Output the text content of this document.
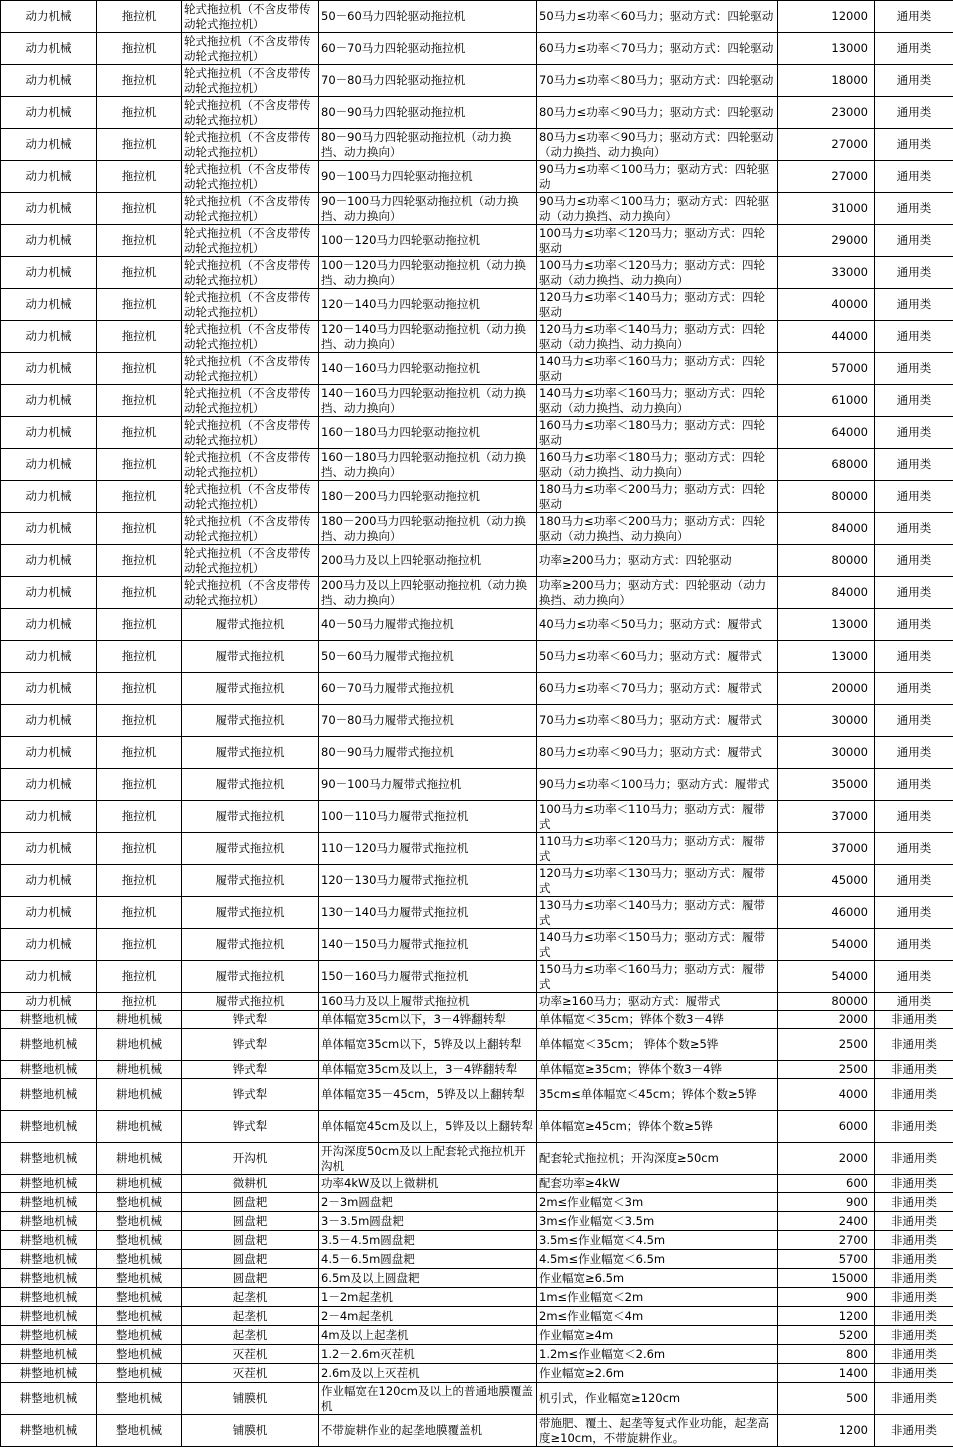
动力机械	拖拉机	轮式拖拉机（不含皮带传动轮式拖拉机）	50－60马力四轮驱动拖拉机	50马力≤功率＜60马力；驱动方式：四轮驱动	12000	通用类
动力机械	拖拉机	轮式拖拉机（不含皮带传动轮式拖拉机）	60－70马力四轮驱动拖拉机	60马力≤功率＜70马力；驱动方式：四轮驱动	13000	通用类
动力机械	拖拉机	轮式拖拉机（不含皮带传动轮式拖拉机）	70－80马力四轮驱动拖拉机	70马力≤功率＜80马力；驱动方式：四轮驱动	18000	通用类
动力机械	拖拉机	轮式拖拉机（不含皮带传动轮式拖拉机）	80－90马力四轮驱动拖拉机	80马力≤功率＜90马力；驱动方式：四轮驱动	23000	通用类
动力机械	拖拉机	轮式拖拉机（不含皮带传动轮式拖拉机）	80－90马力四轮驱动拖拉机（动力换挡、动力换向）	80马力≤功率＜90马力；驱动方式：四轮驱动（动力换挡、动力换向）	27000	通用类
动力机械	拖拉机	轮式拖拉机（不含皮带传动轮式拖拉机）	90－100马力四轮驱动拖拉机	90马力≤功率＜100马力；驱动方式：四轮驱动	27000	通用类
动力机械	拖拉机	轮式拖拉机（不含皮带传动轮式拖拉机）	90－100马力四轮驱动拖拉机（动力换挡、动力换向）	90马力≤功率＜100马力；驱动方式：四轮驱动（动力换挡、动力换向）	31000	通用类
动力机械	拖拉机	轮式拖拉机（不含皮带传动轮式拖拉机）	100－120马力四轮驱动拖拉机	100马力≤功率＜120马力；驱动方式：四轮驱动	29000	通用类
动力机械	拖拉机	轮式拖拉机（不含皮带传动轮式拖拉机）	100－120马力四轮驱动拖拉机（动力换挡、动力换向）	100马力≤功率＜120马力；驱动方式：四轮驱动（动力换挡、动力换向）	33000	通用类
动力机械	拖拉机	轮式拖拉机（不含皮带传动轮式拖拉机）	120－140马力四轮驱动拖拉机	120马力≤功率＜140马力；驱动方式：四轮驱动	40000	通用类
动力机械	拖拉机	轮式拖拉机（不含皮带传动轮式拖拉机）	120－140马力四轮驱动拖拉机（动力换挡、动力换向）	120马力≤功率＜140马力；驱动方式：四轮驱动（动力换挡、动力换向）	44000	通用类
动力机械	拖拉机	轮式拖拉机（不含皮带传动轮式拖拉机）	140－160马力四轮驱动拖拉机	140马力≤功率＜160马力；驱动方式：四轮驱动	57000	通用类
动力机械	拖拉机	轮式拖拉机（不含皮带传动轮式拖拉机）	140－160马力四轮驱动拖拉机（动力换挡、动力换向）	140马力≤功率＜160马力；驱动方式：四轮驱动（动力换挡、动力换向）	61000	通用类
动力机械	拖拉机	轮式拖拉机（不含皮带传动轮式拖拉机）	160－180马力四轮驱动拖拉机	160马力≤功率＜180马力；驱动方式：四轮驱动	64000	通用类
动力机械	拖拉机	轮式拖拉机（不含皮带传动轮式拖拉机）	160－180马力四轮驱动拖拉机（动力换挡、动力换向）	160马力≤功率＜180马力；驱动方式：四轮驱动（动力换挡、动力换向）	68000	通用类
动力机械	拖拉机	轮式拖拉机（不含皮带传动轮式拖拉机）	180－200马力四轮驱动拖拉机	180马力≤功率＜200马力；驱动方式：四轮驱动	80000	通用类
动力机械	拖拉机	轮式拖拉机（不含皮带传动轮式拖拉机）	180－200马力四轮驱动拖拉机（动力换挡、动力换向）	180马力≤功率＜200马力；驱动方式：四轮驱动（动力换挡、动力换向）	84000	通用类
动力机械	拖拉机	轮式拖拉机（不含皮带传动轮式拖拉机）	200马力及以上四轮驱动拖拉机	功率≥200马力；驱动方式：四轮驱动	80000	通用类
动力机械	拖拉机	轮式拖拉机（不含皮带传动轮式拖拉机）	200马力及以上四轮驱动拖拉机（动力换挡、动力换向）	功率≥200马力；驱动方式：四轮驱动（动力换挡、动力换向）	84000	通用类
动力机械	拖拉机	履带式拖拉机	40－50马力履带式拖拉机	40马力≤功率＜50马力；驱动方式：履带式	13000	通用类
动力机械	拖拉机	履带式拖拉机	50－60马力履带式拖拉机	50马力≤功率＜60马力；驱动方式：履带式	13000	通用类
动力机械	拖拉机	履带式拖拉机	60－70马力履带式拖拉机	60马力≤功率＜70马力；驱动方式：履带式	20000	通用类
动力机械	拖拉机	履带式拖拉机	70－80马力履带式拖拉机	70马力≤功率＜80马力；驱动方式：履带式	30000	通用类
动力机械	拖拉机	履带式拖拉机	80－90马力履带式拖拉机	80马力≤功率＜90马力；驱动方式：履带式	30000	通用类
动力机械	拖拉机	履带式拖拉机	90－100马力履带式拖拉机	90马力≤功率＜100马力；驱动方式：履带式	35000	通用类
动力机械	拖拉机	履带式拖拉机	100－110马力履带式拖拉机	100马力≤功率＜110马力；驱动方式：履带式	37000	通用类
动力机械	拖拉机	履带式拖拉机	110－120马力履带式拖拉机	110马力≤功率＜120马力；驱动方式：履带式	37000	通用类
动力机械	拖拉机	履带式拖拉机	120－130马力履带式拖拉机	120马力≤功率＜130马力；驱动方式：履带式	45000	通用类
动力机械	拖拉机	履带式拖拉机	130－140马力履带式拖拉机	130马力≤功率＜140马力；驱动方式：履带式	46000	通用类
动力机械	拖拉机	履带式拖拉机	140－150马力履带式拖拉机	140马力≤功率＜150马力；驱动方式：履带式	54000	通用类
动力机械	拖拉机	履带式拖拉机	150－160马力履带式拖拉机	150马力≤功率＜160马力；驱动方式：履带式	54000	通用类
动力机械	拖拉机	履带式拖拉机	160马力及以上履带式拖拉机	功率≥160马力；驱动方式：履带式	80000	通用类
耕整地机械	耕地机械	铧式犁	单体幅宽35cm以下，3－4铧翻转犁	单体幅宽＜35cm；铧体个数3－4铧	2000	非通用类
耕整地机械	耕地机械	铧式犁	单体幅宽35cm以下，5铧及以上翻转犁	单体幅宽＜35cm； 铧体个数≥5铧	2500	非通用类
耕整地机械	耕地机械	铧式犁	单体幅宽35cm及以上，3－4铧翻转犁	单体幅宽≥35cm；铧体个数3－4铧	2500	非通用类
耕整地机械	耕地机械	铧式犁	单体幅宽35－45cm，5铧及以上翻转犁	35cm≤单体幅宽＜45cm；铧体个数≥5铧	4000	非通用类
耕整地机械	耕地机械	铧式犁	单体幅宽45cm及以上，5铧及以上翻转犁	单体幅宽≥45cm；铧体个数≥5铧	6000	非通用类
耕整地机械	耕地机械	开沟机	开沟深度50cm及以上配套轮式拖拉机开沟机	配套轮式拖拉机；开沟深度≥50cm	2000	非通用类
耕整地机械	耕地机械	微耕机	功率4kW及以上微耕机	配套功率≥4kW	600	非通用类
耕整地机械	整地机械	圆盘耙	2－3m圆盘耙	2m≤作业幅宽＜3m	900	非通用类
耕整地机械	整地机械	圆盘耙	3－3.5m圆盘耙	3m≤作业幅宽＜3.5m	2400	非通用类
耕整地机械	整地机械	圆盘耙	3.5－4.5m圆盘耙	3.5m≤作业幅宽＜4.5m	2700	非通用类
耕整地机械	整地机械	圆盘耙	4.5－6.5m圆盘耙	4.5m≤作业幅宽＜6.5m	5700	非通用类
耕整地机械	整地机械	圆盘耙	6.5m及以上圆盘耙	作业幅宽≥6.5m	15000	非通用类
耕整地机械	整地机械	起垄机	1－2m起垄机	1m≤作业幅宽＜2m	900	非通用类
耕整地机械	整地机械	起垄机	2－4m起垄机	2m≤作业幅宽＜4m	1200	非通用类
耕整地机械	整地机械	起垄机	4m及以上起垄机	作业幅宽≥4m	5200	非通用类
耕整地机械	整地机械	灭茬机	1.2－2.6m灭茬机	1.2m≤作业幅宽＜2.6m	800	非通用类
耕整地机械	整地机械	灭茬机	2.6m及以上灭茬机	作业幅宽≥2.6m	1400	非通用类
耕整地机械	整地机械	铺膜机	作业幅宽在120cm及以上的普通地膜覆盖机	机引式，作业幅宽≥120cm	500	非通用类
耕整地机械	整地机械	铺膜机	不带旋耕作业的起垄地膜覆盖机	带施肥、覆土、起垄等复式作业功能，起垄高度≥10cm，不带旋耕作业。	1200	非通用类
